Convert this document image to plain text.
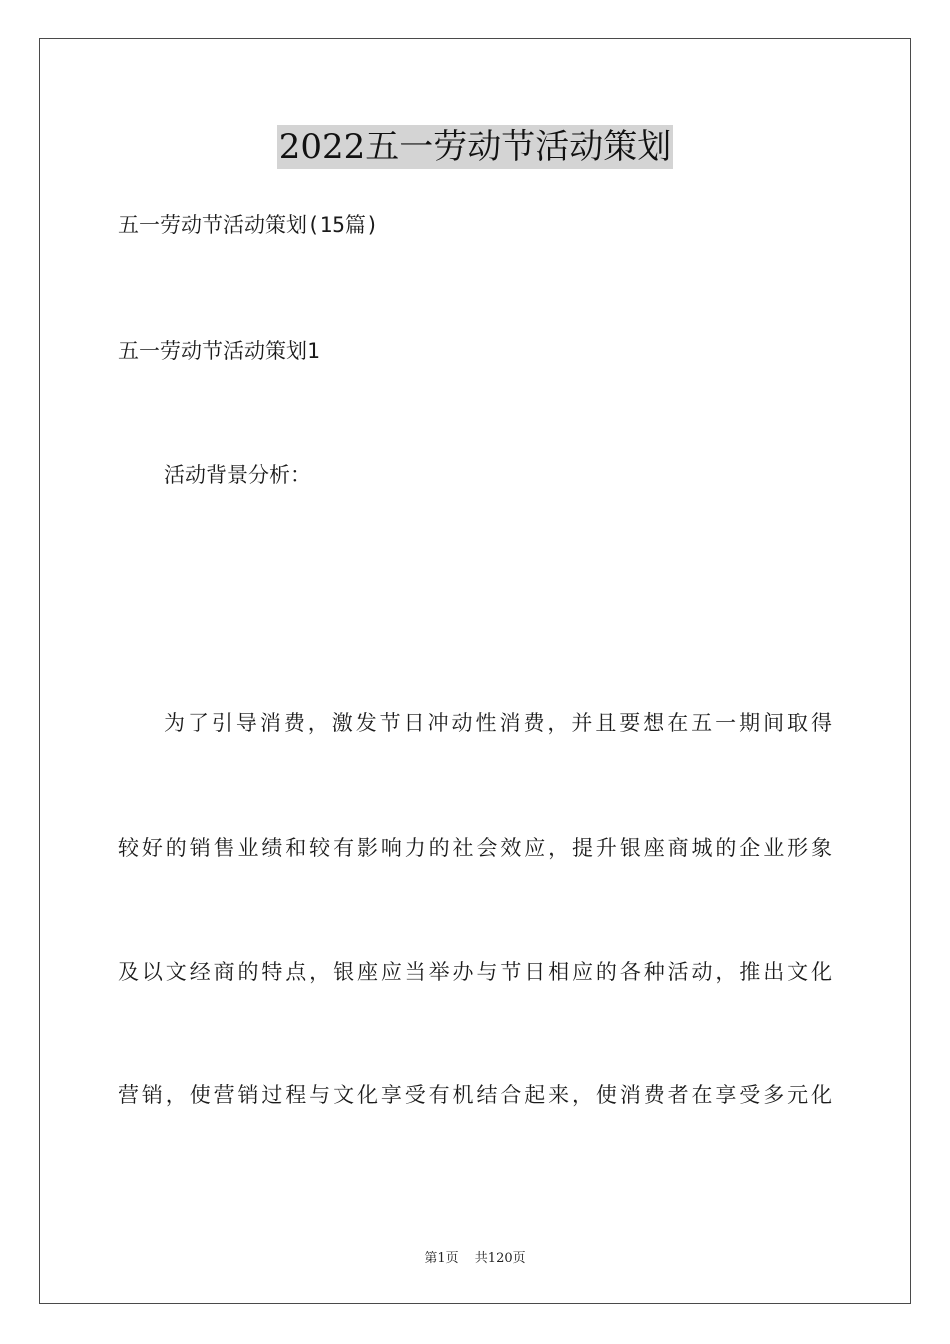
2022五一劳动节活动策划
五一劳动节活动策划(15篇)
五一劳动节活动策划1
活动背景分析：
为了引导消费，激发节日冲动性消费，并且要想在五一期间取得
较好的销售业绩和较有影响力的社会效应，提升银座商城的企业形象
及以文经商的特点，银座应当举办与节日相应的各种活动，推出文化
营销，使营销过程与文化享受有机结合起来，使消费者在享受多元化
第1页 共120页
